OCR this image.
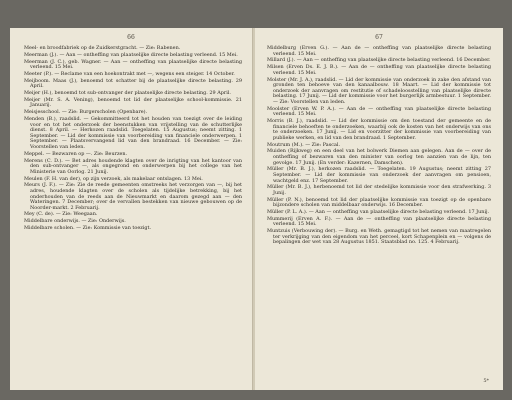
66

Meel- en broodfabriek op de Zuidkerstgracht. — Zie: Rabenen.

Meerman (J.). — Aan — ontheffing van plaatselijke directe belasting verleend. 15 Mei.

Meerman (J. C.), geb. Wagner. — Aan — ontheffing van plaatselijke directe belasting verleend. 15 Mei.

Meeter (P.). — Reclame van een hoekontrakt met —, wegens een steiger. 14 October.

Meijboom. Maas (J.), benoemd tot schatter bij de plaatselijke directe belasting. 29 April.

Meijer (H.), benoemd tot sub-ontvanger der plaatselijke directe belasting. 29 April.

Meijer (Mr. S. A. Vening), benoemd tot lid der plaatselijke school-kommissie. 21 Januarij.

Meisjesschool. — Zie: Burgerscholen (Openbare).

Menden (B.), raadslid. — Gekommitteerd tot het houden van toezigt over de leiding voor en tot het onderzoek der beenstukken van vrijstelling van de schutterlijke dienst. 8 April. — Herkozen raadslid. Toegelaten. 15 Augustus; neemt zitting. 1 September. — Lid der kommissie van voorbereiding van financiele onderwerpen. 1 September. — Plaatsvervangend lid van den brandraad. 16 December. — Zie: Voorstellen van leden.

Meppel. — Bezwaren op —. Zie: Beurzen.

Merens (C. D.). — Bet adres houdende klagten over de inrigting van het kantoor van den sub-ontvanger —, als ongegrond en onderwerpen bij het college van het Ministerie van Oorlog. 21 Junij.

Meulen (F. H. van der), op zijn verzoek, als makelaar ontslagen. 13 Mei.

Meurs (J. F.). — Zie: Zie de reede gemeenten omstreeks het verzorgen van —, bij het adres, houdende klagten over de scholen als tijdelijke betrekking, bij het onderhouden van de reeds aan de Nieuwmarkt en daarom gezegd aan — den Wateringen. 7 December; over de vervallen bestekken van nieuwe gebouwen op de Noorder-markt. 2 Februarij.

Mey (C. de). — Zie: Weegaan.

Middelbare onderwijs. — Zie: Onderwijs.

Middelbare scholen. — Zie: Kommissie van toezigt.

67

Middelburg (Erven G.). — Aan de — ontheffing van plaatselijke directe belasting verleend. 15 Mei.

Millard (J.). — Aan — ontheffing van plaatselijke directe belasting verleend. 16 December.

Milsen (Erven Ds. E. J. B.). — Aan de — ontheffing van plaatselijke directe belasting verleend. 15 Mei.

Molster (Mr. J. A.), raadslid. — Lid der kommissie van onderzoek in zake den afstand van gronden ten behoeve van den kanaalbouw. 18 Maart. — Lid der kommissie tot onderzoek der aanvragen om restitutie of schadeloosstelling van plaatselijke directe belasting. 17 Junij. — Lid der kommissie voor het burgerlijk armbestuur. 1 September. — Zie: Voorstellen van leden.

Moolster (Erven W. P. A.). — Aan de — ontheffing van plaatselijke directe belasting verleend. 15 Mei.

Morris (B. J.), raadslid. — Lid der kommissie om den toestand der gemeente en de financiele behoeften te onderzoeken, waarbij ook de kosten van het onderwijs van ons te onderzoeken. 17 Junij. — Lid en voorzitter der kommissie van voorbereiding van publieke werken, en lid van den brandraad. 1 September.

Moutrum (M.). — Zie: Pascal.

Muiden (Rijkweg) en een deel van het bolwerk Diemen aan gelegen. Aan de — over de ontheffing of bezwaren van den minister van oorlog ten aanzien van de lijn, ten gevolge. 17 Junij. (En verder: Kazernen, Damschen).

Müller (Mr. B. J.), herkozen raadslid. — Toegelaten. 19 Augustus; neemt zitting 27 September. — Lid der kommissie van onderzoek der aanvragen om pensioen, wachtgeld enz. 17 September.

Müller (Mr. B. J.), herbenoemd tot lid der stedelijke kommissie voor den strafwerking. 3 Junij.

Müller (P. N.), benoemd tot lid der plaatselijke kommissie van toezigt op de openbare bijzondere scholen van middelbaar onderwijs. 16 December.

Müller (P. L. A.). — Aan — ontheffing van plaatselijke directe belasting verleend. 17 Junij.

Mummerij (Erven A. F.). — Aan de — ontheffing van plaatselijke directe belasting verleend. 15 Mei.

Muntzuis (Verbouwing der). — Burg. en Weth. gemagtigd tot het nemen van maatregelen ter verkrijging van den eigendom van het perceel, kort Schapenplein en — volgens de bepalingen der wet van 28 Augustus 1851. Staatsblad no. 125. 4 Februarij.

5*
